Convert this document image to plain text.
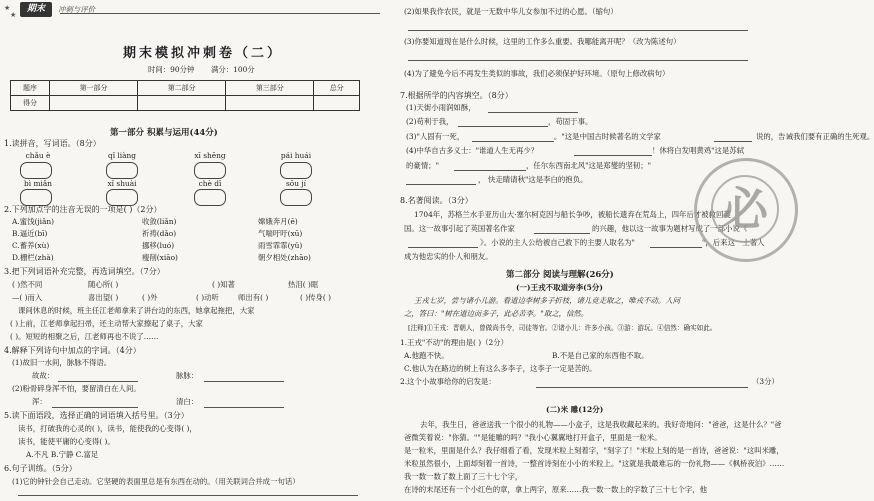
★
★
期末	冲刺与评价
期末模拟冲刺卷（二）
时间：90分钟 满分：100分
题序	第一部分	第二部分	第三部分	总分
得分				
第一部分 积累与运用(44分)
1.读拼音，写词语。（8分）
chǎu è	qǐ liàng	xī shēng	pái huái
bì miǎn	xǐ shuài	chè dǐ	sōu jí
2.下列加点字的注音无误的一项是( )（2分）
A.蜜饯(jiǎn)	收敛(liǎn)	嫦娥奔月(ē)
B.逼近(bī)	祈祷(dǎo)	气喘吁吁(xū)
C.蓄养(xù)	挪移(luó)	雨雪霏霏(yǔ)
D.栅栏(zhà)	瘦削(xiāo)	朝夕相处(zhāo)
3.把下列词语补充完整，再选词填空。（7分）
( )然不同	随心所( )	( )知著	热泪( )眶
—( )而入	喜出望( )	( )外	( )动听	师出有( )	( )传身( )
课间休息的时候，班主任江老师拿来了讲台边的东西，她拿起拖把，大家
( )上前，江老师拿起扫帚，还主动帮大家擦起了桌子，大家
( )。短短的相聚之后，江老师再也不说了……
4.解释下列诗句中加点的字词。（4分）
(1)故旧一水间，脉脉不得语。
故故：	脉脉：
(2)粉骨碎身浑不怕，要留清白在人间。
浑：	清白：
5.读下面语段，选择正确的词语填入括号里。（3分）
读书，打破我的心灵的( )，读书，能使我的心变得( )，
读书，能使平庸的心变得( )。
A.不凡 B.宁静 C.富足
6.句子训练。（5分）
(1)它的钟针会自己走动。它坚硬的表面里总是有东西在动的。（用关联词合并成一句话）
(2)如果我作农民，就是一无数中华儿女参加不过的心愿。（缩句）
(3)你要知道现在是什么时候，这里的工作多么重要。我哪能离开呢？（改为陈述句）
(4)为了避免今后不再发生类似的事故，我们必须保护好环境。（原句上修改病句）
7.根据所学的内容填空。（8分）
(1)天街小雨润如酥，
(2)苟利于我，	，苟固于事。
(3)"人固有一死，	。"这是中国古时候著名的文学家	说的，告诫我们要有正确的生死观。
(4)中华自古多义士："谁道人生无再少？	！休将白发唱黄鸡"这是苏轼
的豪情；"	，任尔东西南北风"这是郑燮的坚韧；"
， 快走睛请秋"这是李白的抱负。
8.名著阅读。（3分）
1704年，苏格兰水手亚历山大·塞尔柯克因与船长争吵，被船长遗弃在荒岛上，四年后才被救回英
国。这一故事引起了英国著名作家	的兴趣，他以这一故事为题材写成了一部小说《
》。小说的主人公给被自己救下的主要人取名为"	"，后来这一土著人
成为他忠实的仆人和朋友。
第二部分 阅读与理解(26分)
(一)王戎不取道旁李(5分)
王戎七岁，尝与诸小儿游。看道边李树多子折枝，诸儿竞走取之，唯戎不动。人问
之，答曰："树在道边而多子，此必苦李。"取之，信然。
[注释]①王戎：晋朝人，曾做尚书令，司徒等官。②诸小儿：许多小孩。③游：游玩。④信然：确实如此。
1.王戎"不动"的理由是( )（2分）
A.他跑不快。	B.不是自己家的东西他不取。
C.他认为在路边的树上有这么多李子，这李子一定是苦的。
2.这个小故事给你的启发是：	（3分）
(二)米 雕(12分)
去年，我生日，爸爸送我一个很小的礼物——小盒子，这是我收藏起来的。我好奇地问："爸爸，这是什么？"爸爸微笑着说："你猜。""是能雕的吗？"我小心翼翼地打开盒子，里面是一粒米。
是一粒米，里面是什么？我仔细看了看，发现米粒上刻着字，"刻字了！"米粒上刻的是一首诗，爸爸说："这叫米雕，米粒虽然很小，上面却刻着一首诗，一整首诗刻在小小的米粒上。"这就是我最难忘的一份礼物——《枫桥夜泊》……我一数一数了数上面了三十七个字，
在诗的末尾还有一个小红色的章，拿上两字，原来……我一数一数上的字数了三十七个字，他
必
